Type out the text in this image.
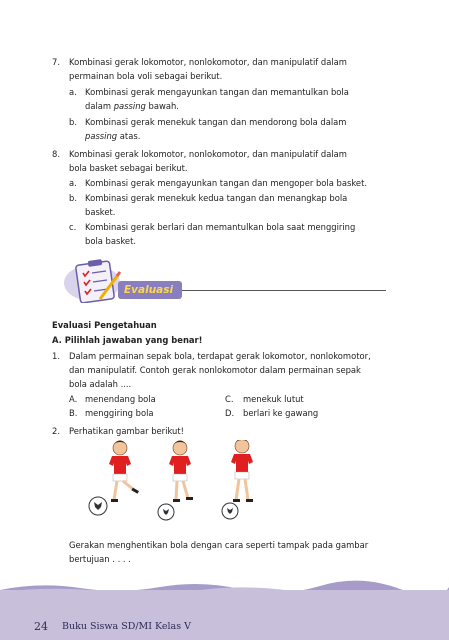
7.	Kombinasi gerak lokomotor, nonlokomotor, dan manipulatif dalam
permainan bola voli sebagai berikut.
a. Kombinasi gerak mengayunkan tangan dan memantulkan bola
dalam passing bawah.
b. Kombinasi gerak menekuk tangan dan mendorong bola dalam
passing atas.
8.	Kombinasi gerak lokomotor, nonlokomotor, dan manipulatif dalam
bola basket sebagai berikut.
a. Kombinasi gerak mengayunkan tangan dan mengoper bola basket.
b. Kombinasi gerak menekuk kedua tangan dan menangkap bola
basket.
c.	Kombinasi gerak berlari dan memantulkan bola saat menggiring
bola basket.
Evaluasi
Evaluasi Pengetahuan
A. Pilihlah jawaban yang benar!
1.	Dalam permainan sepak bola, terdapat gerak lokomotor, nonlokomotor,
dan manipulatif. Contoh gerak nonlokomotor dalam permainan sepak
bola adalah ....
A. menendang bola	C.	menekuk lutut
B. menggiring bola	D.	berlari ke gawang
2.	Perhatikan gambar berikut!
Gerakan menghentikan bola dengan cara seperti tampak pada gambar
bertujuan . . . .
24 Buku Siswa SD/MI Kelas V
